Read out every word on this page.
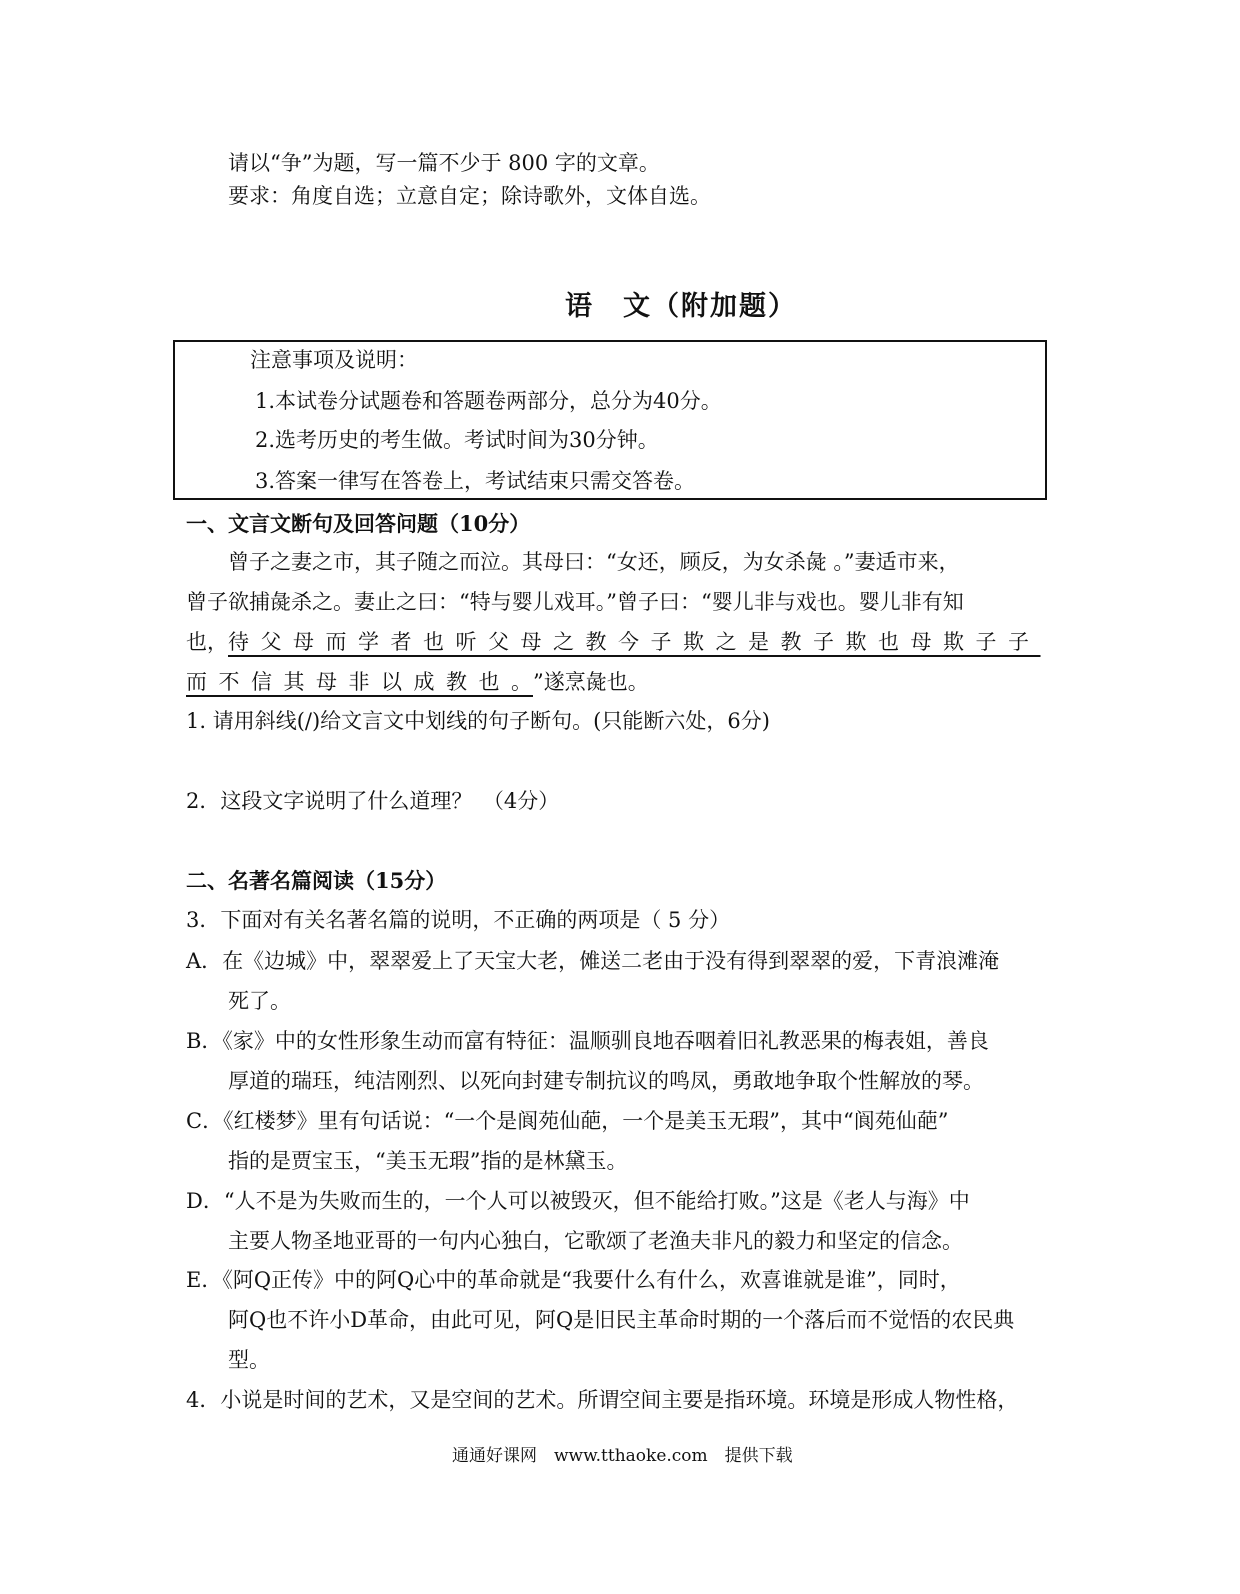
请以“争”为题，写一篇不少于 800 字的文章。
要求：角度自选；立意自定；除诗歌外，文体自选。
语　文（附加题）
注意事项及说明：
1.本试卷分试题卷和答题卷两部分，总分为40分。
2.选考历史的考生做。考试时间为30分钟。
3.答案一律写在答卷上，考试结束只需交答卷。
一、文言文断句及回答问题（10分）
曾子之妻之市，其子随之而泣。其母曰：“女还，顾反，为女杀彘 。”妻适市来，
曾子欲捕彘杀之。妻止之曰：“特与婴儿戏耳。”曾子曰：“婴儿非与戏也。婴儿非有知
也，待父母而学者也听父母之教今子欺之是教子欺也母欺子子
而不信其母非以成教也。”遂烹彘也。
1. 请用斜线(/)给文言文中划线的句子断句。(只能断六处，6分)
2．这段文字说明了什么道理？　（4分）
二、名著名篇阅读（15分）
3．下面对有关名著名篇的说明，不正确的两项是（ 5 分）
A．在《边城》中，翠翠爱上了天宝大老，傩送二老由于没有得到翠翠的爱，下青浪滩淹
死了。
B．《家》中的女性形象生动而富有特征：温顺驯良地吞咽着旧礼教恶果的梅表姐，善良
厚道的瑞珏，纯洁刚烈、以死向封建专制抗议的鸣凤，勇敢地争取个性解放的琴。
C．《红楼梦》里有句话说：“一个是阆苑仙葩，一个是美玉无瑕”，其中“阆苑仙葩”
指的是贾宝玉，“美玉无瑕”指的是林黛玉。
D．“人不是为失败而生的，一个人可以被毁灭，但不能给打败。”这是《老人与海》中
主要人物圣地亚哥的一句内心独白，它歌颂了老渔夫非凡的毅力和坚定的信念。
E．《阿Q正传》中的阿Q心中的革命就是“我要什么有什么，欢喜谁就是谁”，同时，
阿Q也不许小D革命，由此可见，阿Q是旧民主革命时期的一个落后而不觉悟的农民典
型。
4．小说是时间的艺术，又是空间的艺术。所谓空间主要是指环境。环境是形成人物性格，
通通好课网　www.tthaoke.com　提供下载
